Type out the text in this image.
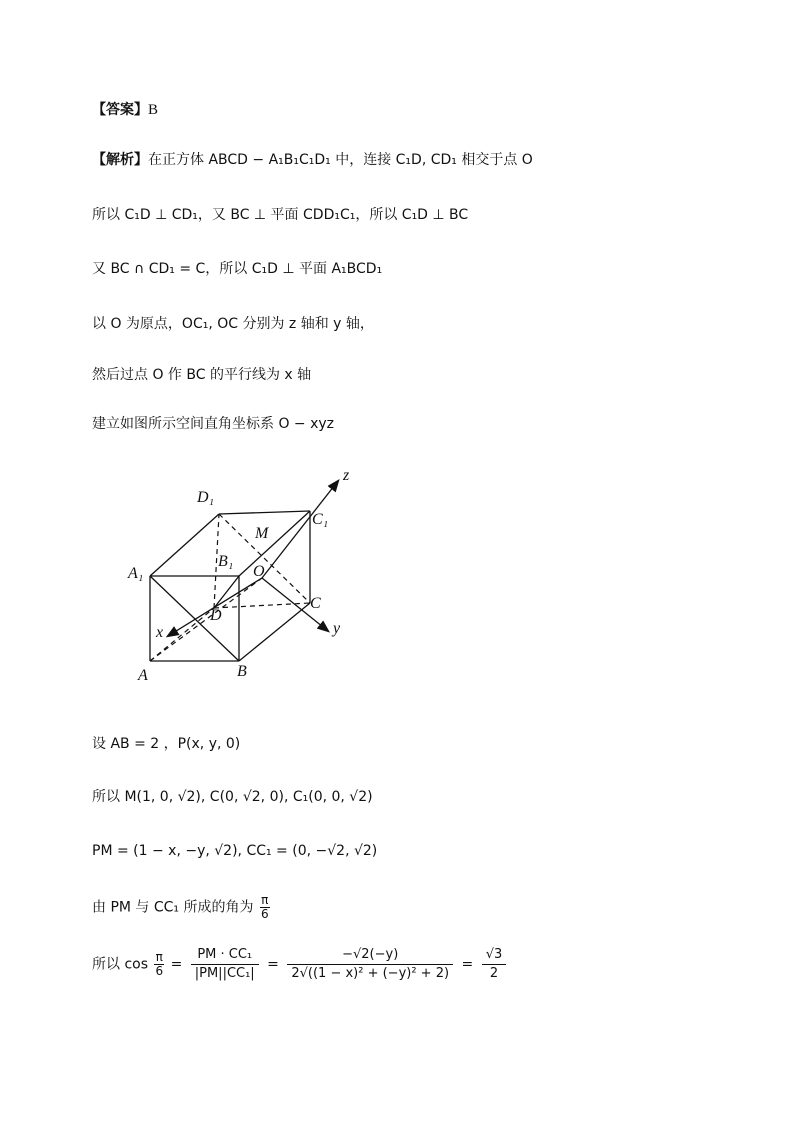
【答案】B
【解析】在正方体 ABCD − A₁B₁C₁D₁ 中，连接 C₁D, CD₁ 相交于点 O
所以 C₁D ⊥ CD₁，又 BC ⊥ 平面 CDD₁C₁，所以 C₁D ⊥ BC
又 BC ∩ CD₁ = C，所以 C₁D ⊥ 平面 A₁BCD₁
以 O 为原点，OC₁, OC 分别为 z 轴和 y 轴，
然后过点 O 作 BC 的平行线为 x 轴
建立如图所示空间直角坐标系 O − xyz
D₁
C₁
M
z
A₁
B₁
O
D
C
y
x
A	B
设 AB = 2 ，P(x, y, 0)
所以 M(1, 0, √2), C(0, √2, 0), C₁(0, 0, √2)
PM = (1 − x, −y, √2), CC₁ = (0, −√2, √2)
由 PM 与 CC₁ 所成的角为 $\frac{\pi}{6}$
所以 $\cos \frac{\pi}{6} = \frac{\text{PM · CC₁}}{\text{|PM||CC₁|}} = \frac{-√2(-y)}{\text{2√((1 − x)² + (−y)² + 2)}} = \frac{√3}{2}$
